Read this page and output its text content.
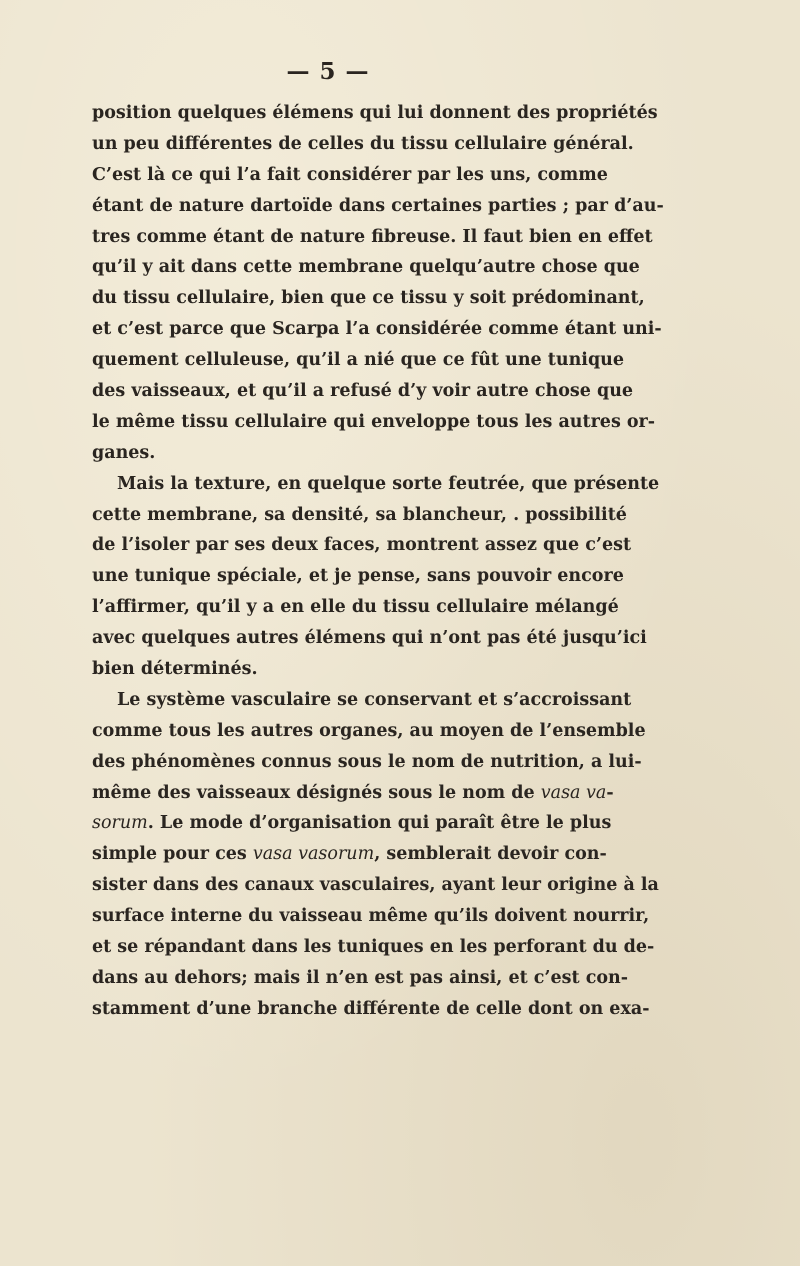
— 5 —
position quelques élémens qui lui donnent des propriétés
un peu différentes de celles du tissu cellulaire général.
C’est là ce qui l’a fait considérer par les uns, comme
étant de nature dartoïde dans certaines parties ; par d’au-
tres comme étant de nature fibreuse. Il faut bien en effet
qu’il y ait dans cette membrane quelqu’autre chose que
du tissu cellulaire, bien que ce tissu y soit prédominant,
et c’est parce que Scarpa l’a considérée comme étant uni-
quement celluleuse, qu’il a nié que ce fût une tunique
des vaisseaux, et qu’il a refusé d’y voir autre chose que
le même tissu cellulaire qui enveloppe tous les autres or-
ganes.
Mais la texture, en quelque sorte feutrée, que présente
cette membrane, sa densité, sa blancheur, . possibilité
de l’isoler par ses deux faces, montrent assez que c’est
une tunique spéciale, et je pense, sans pouvoir encore
l’affirmer, qu’il y a en elle du tissu cellulaire mélangé
avec quelques autres élémens qui n’ont pas été jusqu’ici
bien déterminés.
Le système vasculaire se conservant et s’accroissant
comme tous les autres organes, au moyen de l’ensemble
des phénomènes connus sous le nom de nutrition, a lui-
même des vaisseaux désignés sous le nom de vasa va-
sorum. Le mode d’organisation qui paraît être le plus
simple pour ces vasa vasorum, semblerait devoir con-
sister dans des canaux vasculaires, ayant leur origine à la
surface interne du vaisseau même qu’ils doivent nourrir,
et se répandant dans les tuniques en les perforant du de-
dans au dehors; mais il n’en est pas ainsi, et c’est con-
stamment d’une branche différente de celle dont on exa-
